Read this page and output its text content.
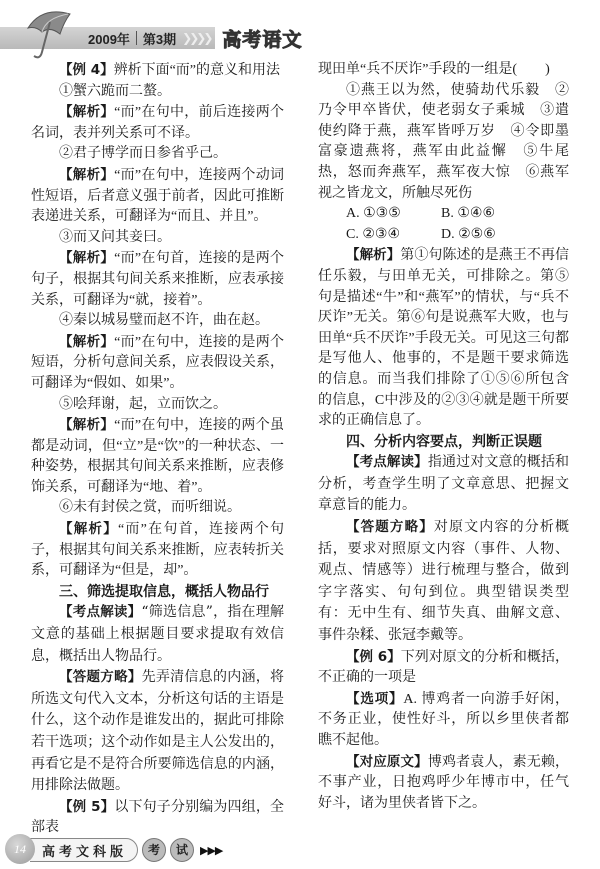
2009年 第3期 ❯❯❯❯ 高考语文

【例 4】辨析下面“而”的意义和用法

①蟹六跪而二螯。

【解析】“而”在句中，前后连接两个名词，表并列关系可不译。

②君子博学而日参省乎己。

【解析】“而”在句中，连接两个动词性短语，后者意义强于前者，因此可推断表递进关系，可翻译为“而且、并且”。

③而又问其妾曰。

【解析】“而”在句首，连接的是两个句子，根据其句间关系来推断，应表承接关系，可翻译为“就，接着”。

④秦以城易璧而赵不许，曲在赵。

【解析】“而”在句中，连接的是两个短语，分析句意间关系，应表假设关系，可翻译为“假如、如果”。

⑤哙拜谢，起，立而饮之。

【解析】“而”在句中，连接的两个虽都是动词，但“立”是“饮”的一种状态、一种姿势，根据其句间关系来推断，应表修饰关系，可翻译为“地、着”。

⑥未有封侯之赏，而听细说。

【解析】“而”在句首，连接两个句子，根据其句间关系来推断，应表转折关系，可翻译为“但是，却”。

三、筛选提取信息，概括人物品行

【考点解读】“筛选信息”，指在理解文意的基础上根据题目要求提取有效信息，概括出人物品行。

【答题方略】先弄清信息的内涵，将所选文句代入文本，分析这句话的主语是什么，这个动作是谁发出的，据此可排除若干选项；这个动作如是主人公发出的，再看它是不是符合所要筛选信息的内涵，用排除法做题。

【例 5】以下句子分别编为四组，全部表

现田单“兵不厌诈”手段的一组是(　　)

①燕王以为然，使骑劫代乐毅　②乃令甲卒皆伏，使老弱女子乘城　③遣使约降于燕，燕军皆呼万岁　④令即墨富豪遗燕将，燕军由此益懈　⑤牛尾热，怒而奔燕军，燕军夜大惊　⑥燕军视之皆龙文，所触尽死伤

A. ①③⑤	B. ①④⑥
C. ②③④	D. ②⑤⑥

【解析】第①句陈述的是燕王不再信任乐毅，与田单无关，可排除之。第⑤句是描述“牛”和“燕军”的情状，与“兵不厌诈”无关。第⑥句是说燕军大败，也与田单“兵不厌诈”手段无关。可见这三句都是写他人、他事的，不是题干要求筛选的信息。而当我们排除了①⑤⑥所包含的信息，C中涉及的②③④就是题干所要求的正确信息了。

四、分析内容要点，判断正误题

【考点解读】指通过对文意的概括和分析，考查学生明了文章意思、把握文章意旨的能力。

【答题方略】对原文内容的分析概括，要求对照原文内容（事件、人物、观点、情感等）进行梳理与整合，做到字字落实、句句到位。典型错误类型有：无中生有、细节失真、曲解文意、事件杂糅、张冠李戴等。

【例 6】下列对原文的分析和概括，不正确的一项是

【选项】A. 博鸡者一向游手好闲，不务正业，使性好斗，所以乡里侠者都瞧不起他。

【对应原文】博鸡者袁人，素无赖，不事产业，日抱鸡呼少年博市中，任气好斗，诸为里侠者皆下之。

14	高考文科版	考	试	▶▶▶
